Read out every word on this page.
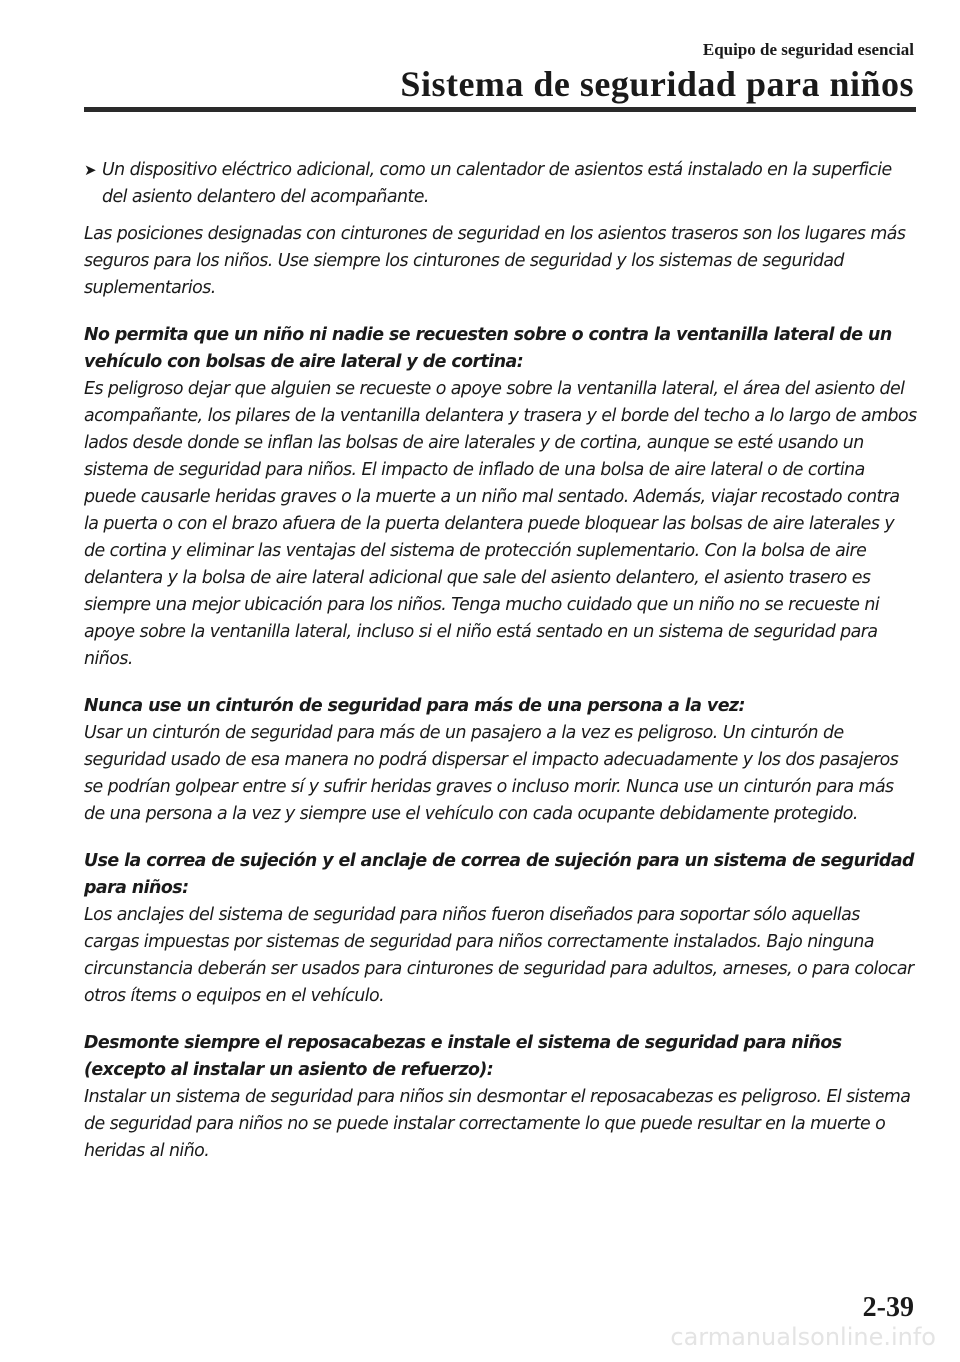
Equipo de seguridad esencial
Sistema de seguridad para niños
➤ Un dispositivo eléctrico adicional, como un calentador de asientos está instalado en la superficie del asiento delantero del acompañante.

Las posiciones designadas con cinturones de seguridad en los asientos traseros son los lugares más seguros para los niños. Use siempre los cinturones de seguridad y los sistemas de seguridad suplementarios.

No permita que un niño ni nadie se recuesten sobre o contra la ventanilla lateral de un vehículo con bolsas de aire lateral y de cortina:

Es peligroso dejar que alguien se recueste o apoye sobre la ventanilla lateral, el área del asiento del acompañante, los pilares de la ventanilla delantera y trasera y el borde del techo a lo largo de ambos lados desde donde se inflan las bolsas de aire laterales y de cortina, aunque se esté usando un sistema de seguridad para niños. El impacto de inflado de una bolsa de aire lateral o de cortina puede causarle heridas graves o la muerte a un niño mal sentado. Además, viajar recostado contra la puerta o con el brazo afuera de la puerta delantera puede bloquear las bolsas de aire laterales y de cortina y eliminar las ventajas del sistema de protección suplementario. Con la bolsa de aire delantera y la bolsa de aire lateral adicional que sale del asiento delantero, el asiento trasero es siempre una mejor ubicación para los niños. Tenga mucho cuidado que un niño no se recueste ni apoye sobre la ventanilla lateral, incluso si el niño está sentado en un sistema de seguridad para niños.

Nunca use un cinturón de seguridad para más de una persona a la vez:

Usar un cinturón de seguridad para más de un pasajero a la vez es peligroso. Un cinturón de seguridad usado de esa manera no podrá dispersar el impacto adecuadamente y los dos pasajeros se podrían golpear entre sí y sufrir heridas graves o incluso morir. Nunca use un cinturón para más de una persona a la vez y siempre use el vehículo con cada ocupante debidamente protegido.

Use la correa de sujeción y el anclaje de correa de sujeción para un sistema de seguridad para niños:

Los anclajes del sistema de seguridad para niños fueron diseñados para soportar sólo aquellas cargas impuestas por sistemas de seguridad para niños correctamente instalados. Bajo ninguna circunstancia deberán ser usados para cinturones de seguridad para adultos, arneses, o para colocar otros ítems o equipos en el vehículo.

Desmonte siempre el reposacabezas e instale el sistema de seguridad para niños (excepto al instalar un asiento de refuerzo):

Instalar un sistema de seguridad para niños sin desmontar el reposacabezas es peligroso. El sistema de seguridad para niños no se puede instalar correctamente lo que puede resultar en la muerte o heridas al niño.

2-39
carmanualsonline.info
